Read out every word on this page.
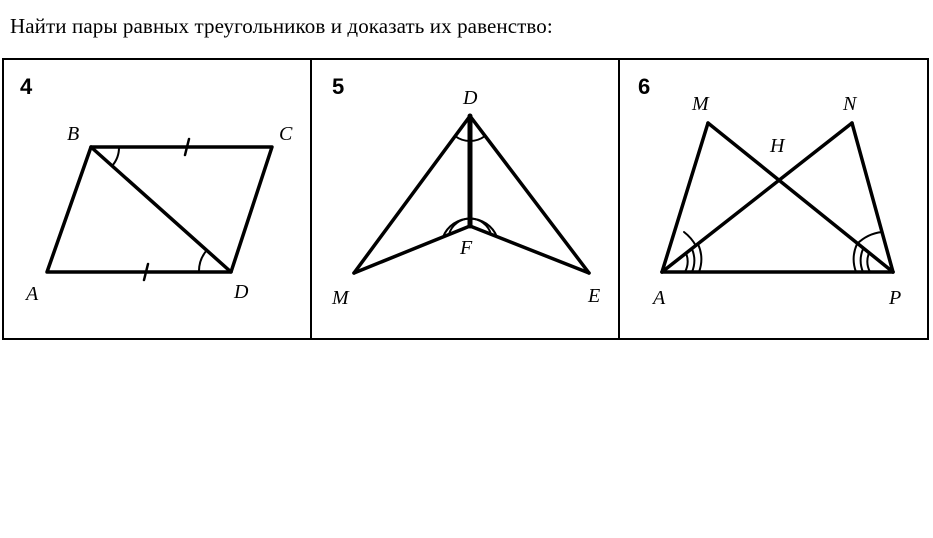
Найти пары равных треугольников и доказать их равенство:
4
B	C
A	D
5	D
F
M	E
6
M	N
H
A	P
